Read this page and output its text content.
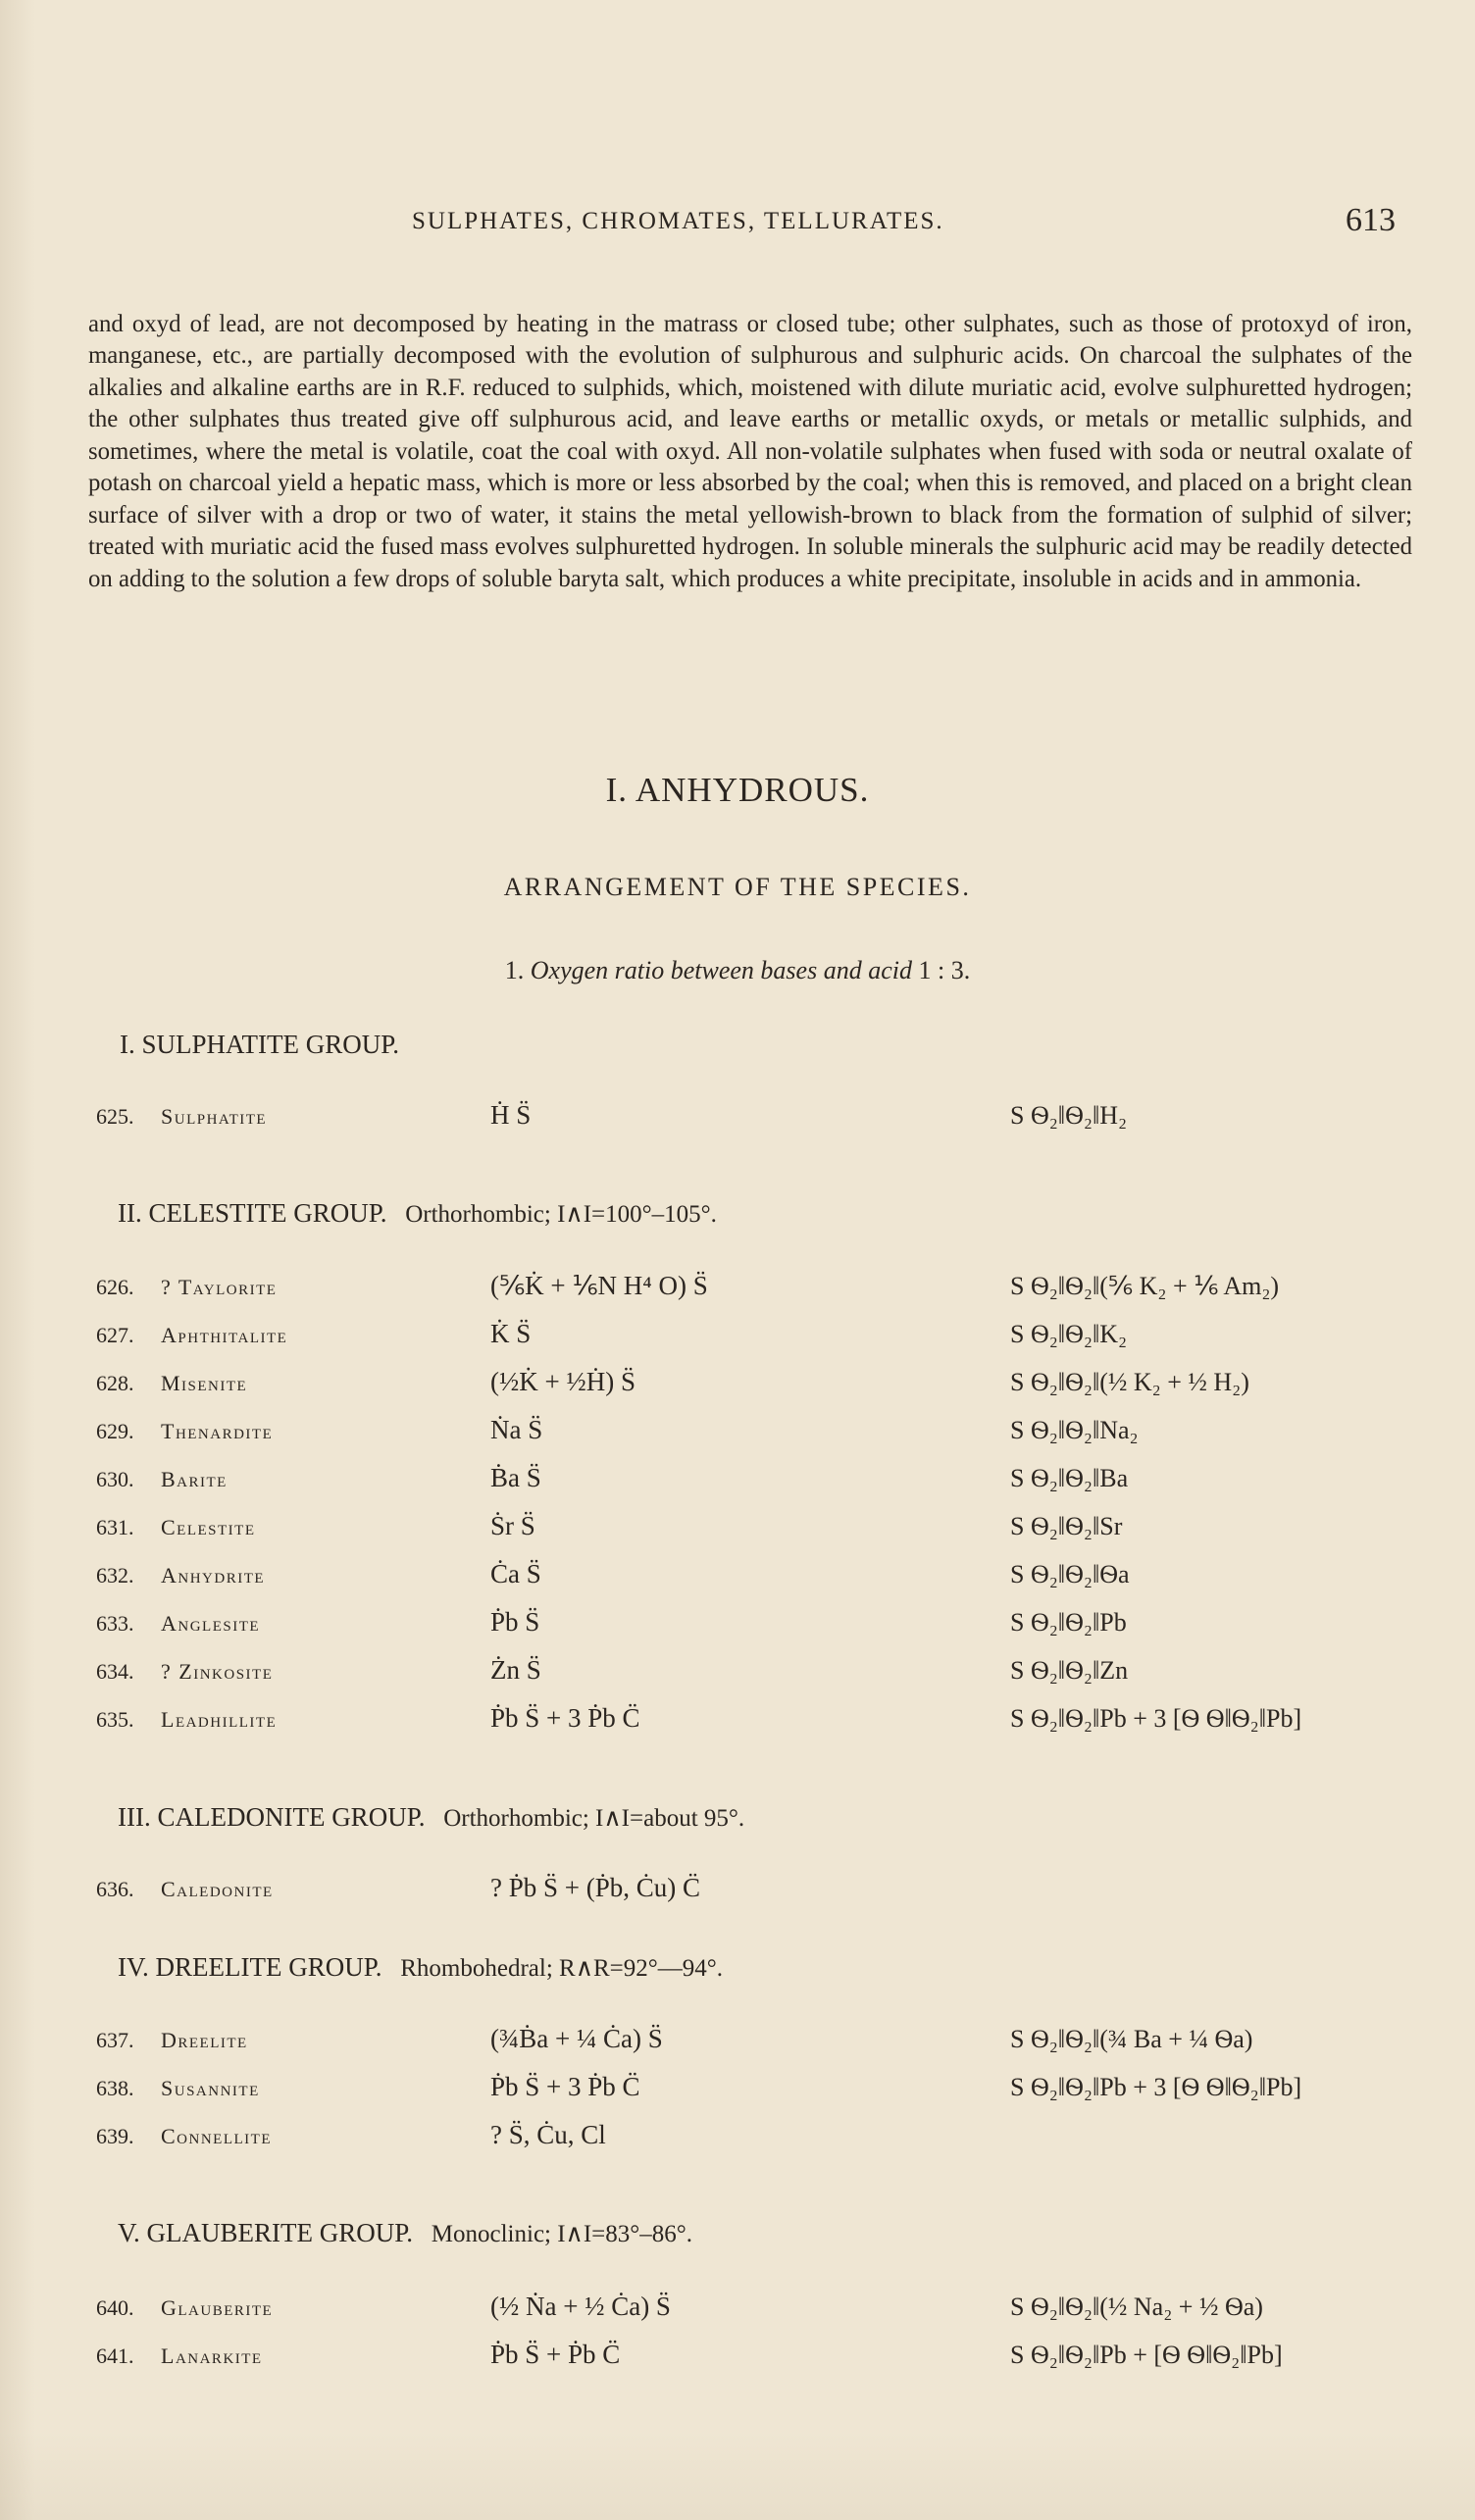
SULPHATES, CHROMATES, TELLURATES.	613

and oxyd of lead, are not decomposed by heating in the matrass or closed tube; other sulphates, such as those of protoxyd of iron, manganese, etc., are partially decomposed with the evolution of sulphurous and sulphuric acids. On charcoal the sulphates of the alkalies and alkaline earths are in R.F. reduced to sulphids, which, moistened with dilute muriatic acid, evolve sulphuretted hydrogen; the other sulphates thus treated give off sulphurous acid, and leave earths or metallic oxyds, or metals or metallic sulphids, and sometimes, where the metal is volatile, coat the coal with oxyd. All non-volatile sulphates when fused with soda or neutral oxalate of potash on charcoal yield a hepatic mass, which is more or less absorbed by the coal; when this is removed, and placed on a bright clean surface of silver with a drop or two of water, it stains the metal yellowish-brown to black from the formation of sulphid of silver; treated with muriatic acid the fused mass evolves sulphuretted hydrogen. In soluble minerals the sulphuric acid may be readily detected on adding to the solution a few drops of soluble baryta salt, which produces a white precipitate, insoluble in acids and in ammonia.

I. ANHYDROUS.
ARRANGEMENT OF THE SPECIES.
1. Oxygen ratio between bases and acid 1 : 3.
I. SULPHATITE GROUP.
625. Sulphatite	Ḣ S̈	S Ѳ₂‖Ѳ₂‖H₂
II. CELESTITE GROUP. Orthorhombic; I∧I=100°–105°.
626. ? Taylorite	(⅚K̇ + ⅙N H⁴ O) S̈	S Ѳ₂‖Ѳ₂‖(⅚ K₂ + ⅙ Am₂)
627. Aphthitalite	K̇ S̈	S Ѳ₂‖Ѳ₂‖K₂
628. Misenite	(½K̇ + ½Ḣ) S̈	S Ѳ₂‖Ѳ₂‖(½ K₂ + ½ H₂)
629. Thenardite	Ṅa S̈	S Ѳ₂‖Ѳ₂‖Na₂
630. Barite	Ḃa S̈	S Ѳ₂‖Ѳ₂‖Ba
631. Celestite	Ṡr S̈	S Ѳ₂‖Ѳ₂‖Sr
632. Anhydrite	Ċa S̈	S Ѳ₂‖Ѳ₂‖Ѳa
633. Anglesite	Ṗb S̈	S Ѳ₂‖Ѳ₂‖Pb
634. ? Zinkosite	Żn S̈	S Ѳ₂‖Ѳ₂‖Zn
635. Leadhillite	Ṗb S̈ + 3 Ṗb C̈	S Ѳ₂‖Ѳ₂‖Pb + 3 [Ѳ Ѳ‖Ѳ₂‖Pb]
III. CALEDONITE GROUP. Orthorhombic; I∧I=about 95°.
636. Caledonite	? Ṗb S̈ + (Ṗb, Ċu) C̈
IV. DREELITE GROUP. Rhombohedral; R∧R=92°—94°.
637. Dreelite	(¾Ḃa + ¼ Ċa) S̈	S Ѳ₂‖Ѳ₂‖(¾ Ba + ¼ Ѳa)
638. Susannite	Ṗb S̈ + 3 Ṗb C̈	S Ѳ₂‖Ѳ₂‖Pb + 3 [Ѳ Ѳ‖Ѳ₂‖Pb]
639. Connellite	? S̈, Ċu, Cl
V. GLAUBERITE GROUP. Monoclinic; I∧I=83°–86°.
640. Glauberite	(½ Ṅa + ½ Ċa) S̈	S Ѳ₂‖Ѳ₂‖(½ Na₂ + ½ Ѳa)
641. Lanarkite	Ṗb S̈ + Ṗb C̈	S Ѳ₂‖Ѳ₂‖Pb + [Ѳ Ѳ‖Ѳ₂‖Pb]
